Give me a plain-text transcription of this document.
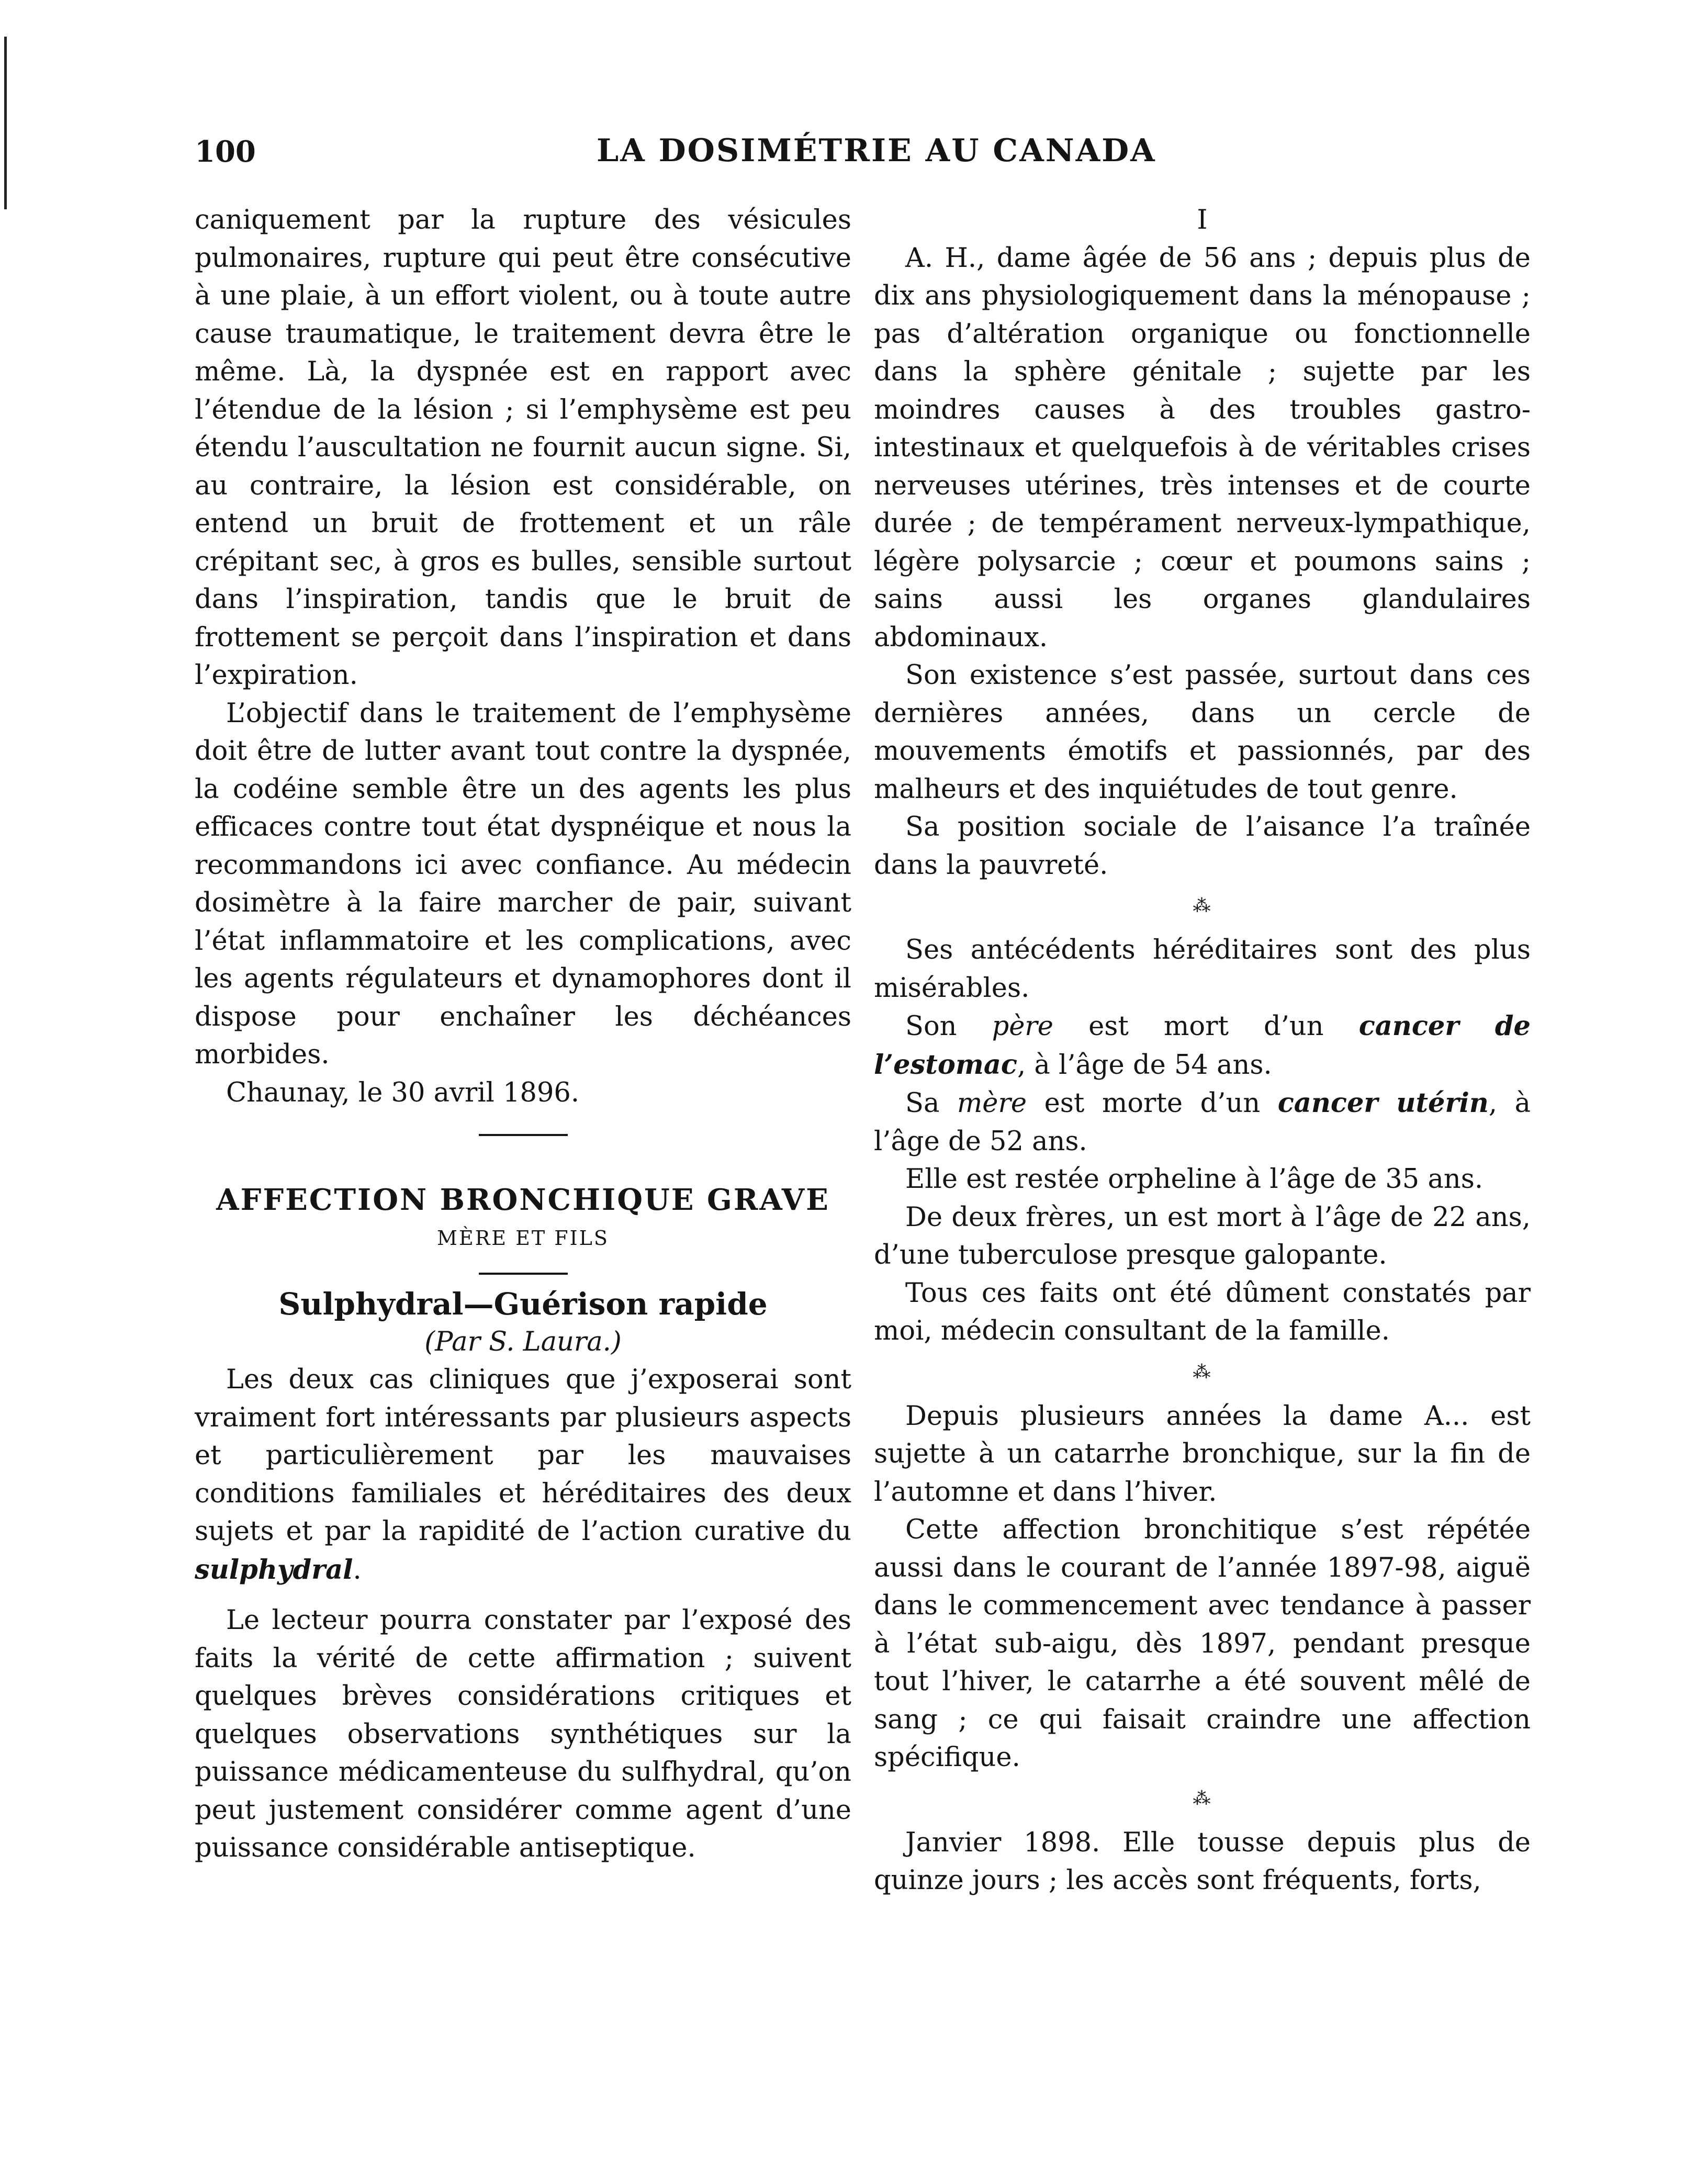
100	LA DOSIMÉTRIE AU CANADA

caniquement par la rupture des vésicules pulmonaires, rupture qui peut être consécutive à une plaie, à un effort violent, ou à toute autre cause traumatique, le traitement devra être le même. Là, la dyspnée est en rapport avec l’étendue de la lésion ; si l’emphysème est peu étendu l’auscultation ne fournit aucun signe. Si, au contraire, la lésion est considérable, on entend un bruit de frottement et un râle crépitant sec, à gros es bulles, sensible surtout dans l’inspiration, tandis que le bruit de frottement se perçoit dans l’inspiration et dans l’expiration.

L’objectif dans le traitement de l’emphysème doit être de lutter avant tout contre la dyspnée, la codéine semble être un des agents les plus efficaces contre tout état dyspnéique et nous la recommandons ici avec confiance. Au médecin dosimètre à la faire marcher de pair, suivant l’état inflammatoire et les complications, avec les agents régulateurs et dynamophores dont il dispose pour enchaîner les déchéances morbides.

Chaunay, le 30 avril 1896.

AFFECTION BRONCHIQUE GRAVE

MÈRE ET FILS

Sulphydral—Guérison rapide

(Par S. Laura.)

Les deux cas cliniques que j’exposerai sont vraiment fort intéressants par plusieurs aspects et particulièrement par les mauvaises conditions familiales et héréditaires des deux sujets et par la rapidité de l’action curative du sulphydral.

Le lecteur pourra constater par l’exposé des faits la vérité de cette affirmation ; suivent quelques brèves considérations critiques et quelques observations synthétiques sur la puissance médicamenteuse du sulfhydral, qu’on peut justement considérer comme agent d’une puissance considérable antiseptique.

I

A. H., dame âgée de 56 ans ; depuis plus de dix ans physiologiquement dans la ménopause ; pas d’altération organique ou fonctionnelle dans la sphère génitale ; sujette par les moindres causes à des troubles gastro-intestinaux et quelquefois à de véritables crises nerveuses utérines, très intenses et de courte durée ; de tempérament nerveux-lympathique, légère polysarcie ; cœur et poumons sains ; sains aussi les organes glandulaires abdominaux.

Son existence s’est passée, surtout dans ces dernières années, dans un cercle de mouvements émotifs et passionnés, par des malheurs et des inquiétudes de tout genre.

Sa position sociale de l’aisance l’a traînée dans la pauvreté.

⁂

Ses antécédents héréditaires sont des plus misérables.

Son père est mort d’un cancer de l’estomac, à l’âge de 54 ans.

Sa mère est morte d’un cancer utérin, à l’âge de 52 ans.

Elle est restée orpheline à l’âge de 35 ans.

De deux frères, un est mort à l’âge de 22 ans, d’une tuberculose presque galopante.

Tous ces faits ont été dûment constatés par moi, médecin consultant de la famille.

⁂

Depuis plusieurs années la dame A... est sujette à un catarrhe bronchique, sur la fin de l’automne et dans l’hiver.

Cette affection bronchitique s’est répétée aussi dans le courant de l’année 1897-98, aiguë dans le commencement avec tendance à passer à l’état sub-aigu, dès 1897, pendant presque tout l’hiver, le catarrhe a été souvent mêlé de sang ; ce qui faisait craindre une affection spécifique.

⁂

Janvier 1898. Elle tousse depuis plus de quinze jours ; les accès sont fréquents, forts,
